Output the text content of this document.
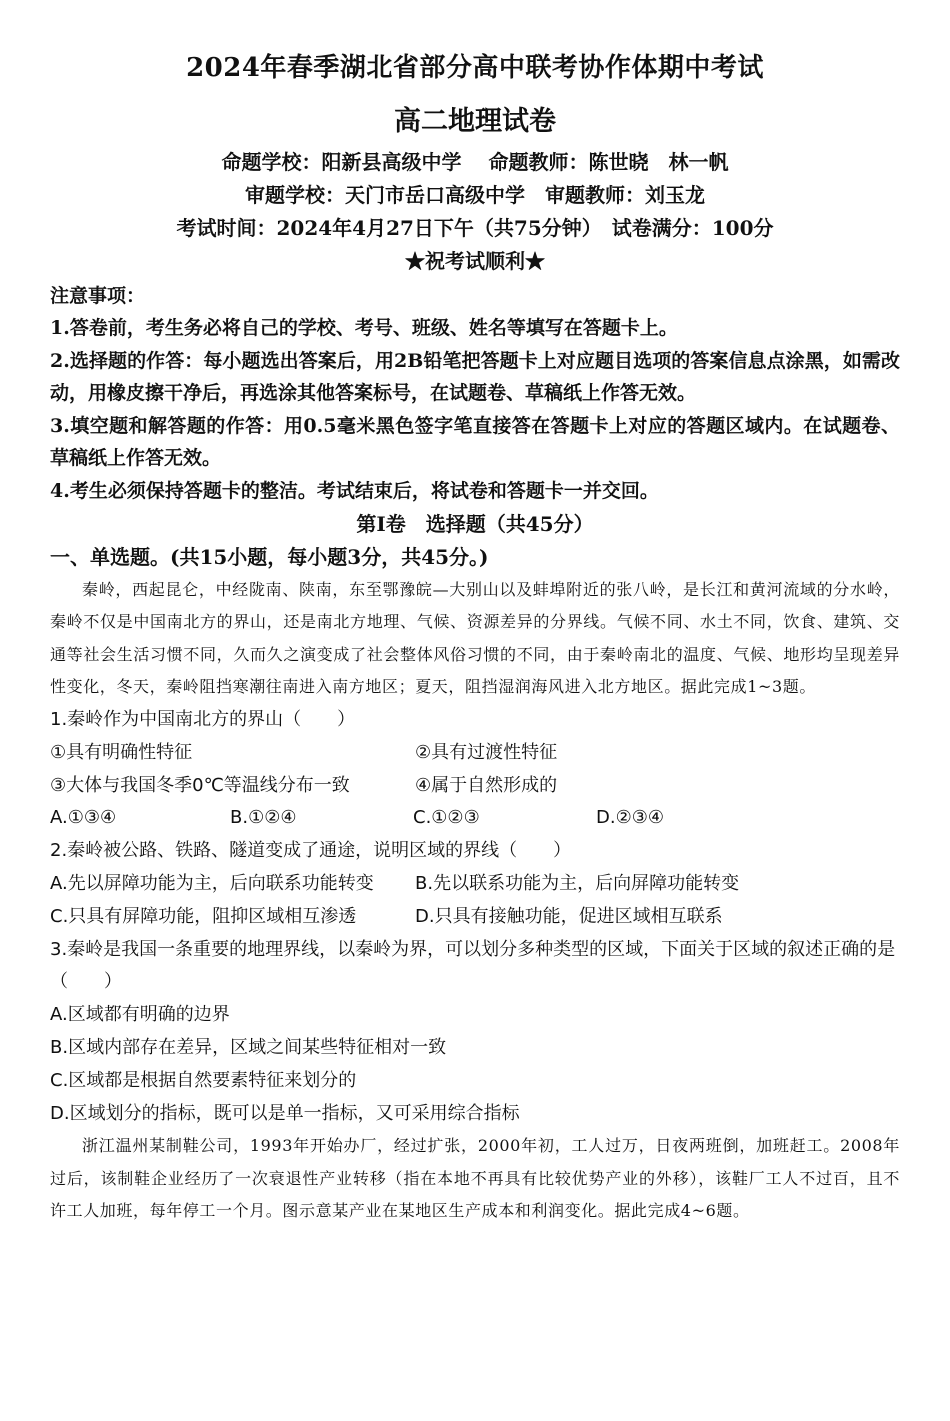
2024年春季湖北省部分高中联考协作体期中考试
高二地理试卷
命题学校：阳新县高级中学　 命题教师：陈世晓　林一帆
审题学校：天门市岳口高级中学　审题教师：刘玉龙
考试时间：2024年4月27日下午（共75分钟）　试卷满分：100分
★祝考试顺利★
注意事项：

1.答卷前，考生务必将自己的学校、考号、班级、姓名等填写在答题卡上。

2.选择题的作答：每小题选出答案后，用2B铅笔把答题卡上对应题目选项的答案信息点涂黑，如需改动，用橡皮擦干净后，再选涂其他答案标号，在试题卷、草稿纸上作答无效。

3.填空题和解答题的作答：用0.5毫米黑色签字笔直接答在答题卡上对应的答题区域内。在试题卷、草稿纸上作答无效。

4.考生必须保持答题卡的整洁。考试结束后，将试卷和答题卡一并交回。

第Ⅰ卷　选择题（共45分）
一、单选题。(共15小题，每小题3分，共45分。)

秦岭，西起昆仑，中经陇南、陕南，东至鄂豫皖—大别山以及蚌埠附近的张八岭，是长江和黄河流域的分水岭，秦岭不仅是中国南北方的界山，还是南北方地理、气候、资源差异的分界线。气候不同、水土不同，饮食、建筑、交通等社会生活习惯不同，久而久之演变成了社会整体风俗习惯的不同，由于秦岭南北的温度、气候、地形均呈现差异性变化，冬天，秦岭阻挡寒潮往南进入南方地区；夏天，阻挡湿润海风进入北方地区。据此完成1~3题。

1.秦岭作为中国南北方的界山（　　）

①具有明确性特征	②具有过渡性特征
③大体与我国冬季0℃等温线分布一致	④属于自然形成的
A.①③④	B.①②④	C.①②③	D.②③④

2.秦岭被公路、铁路、隧道变成了通途，说明区域的界线（　　）

A.先以屏障功能为主，后向联系功能转变	B.先以联系功能为主，后向屏障功能转变
C.只具有屏障功能，阻抑区域相互渗透	D.只具有接触功能，促进区域相互联系

3.秦岭是我国一条重要的地理界线，以秦岭为界，可以划分多种类型的区域，下面关于区域的叙述正确的是（　　）

A.区域都有明确的边界

B.区域内部存在差异，区域之间某些特征相对一致

C.区域都是根据自然要素特征来划分的

D.区域划分的指标，既可以是单一指标，又可采用综合指标

浙江温州某制鞋公司，1993年开始办厂，经过扩张，2000年初，工人过万，日夜两班倒，加班赶工。2008年过后，该制鞋企业经历了一次衰退性产业转移（指在本地不再具有比较优势产业的外移），该鞋厂工人不过百，且不许工人加班，每年停工一个月。图示意某产业在某地区生产成本和利润变化。据此完成4~6题。
